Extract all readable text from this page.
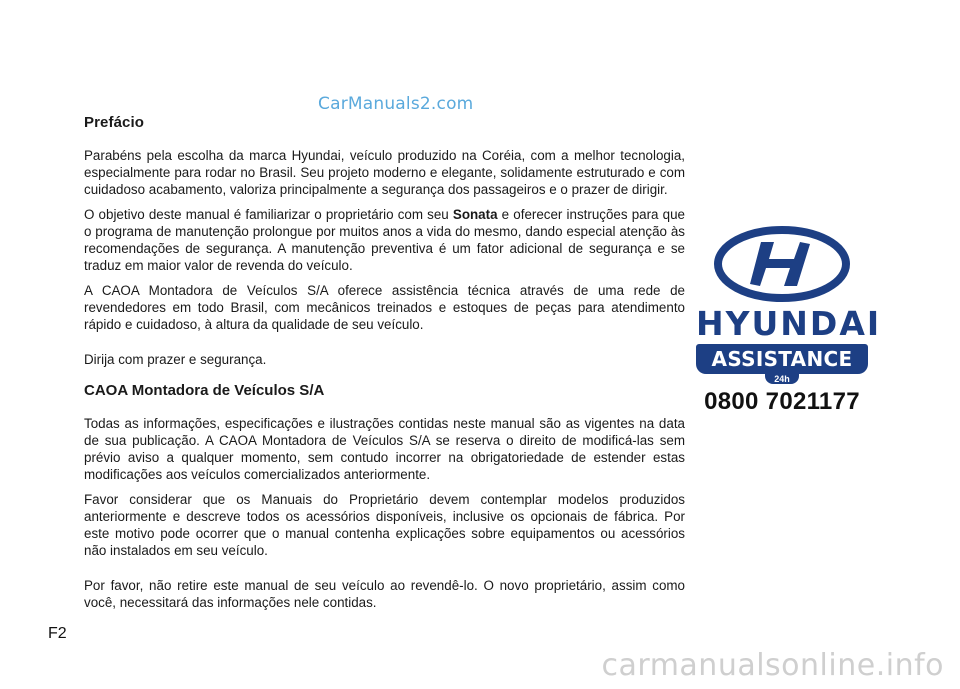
CarManuals2.com
Prefácio

Parabéns pela escolha da marca Hyundai, veículo produzido na Coréia, com a melhor tecnologia, especialmente para rodar no Brasil. Seu projeto moderno e elegante, solidamente estruturado e com cuidadoso acabamento, valoriza principalmente a segurança dos passageiros e o prazer de dirigir.

O objetivo deste manual é familiarizar o proprietário com seu Sonata e oferecer instruções para que o programa de manutenção prolongue por muitos anos a vida do mesmo, dando especial atenção às recomendações de segurança. A manutenção preventiva é um fator adicional de segurança e se traduz em maior valor de revenda do veículo.

A CAOA Montadora de Veículos S/A oferece assistência técnica através de uma rede de revendedores em todo Brasil, com mecânicos treinados e estoques de peças para atendimento rápido e cuidadoso, à altura da qualidade de seu veículo.

Dirija com prazer e segurança.

CAOA Montadora de Veículos S/A

Todas as informações, especificações e ilustrações contidas neste manual são as vigentes na data de sua publicação. A CAOA Montadora de Veículos S/A se reserva o direito de modificá-las sem prévio aviso a qualquer momento, sem contudo incorrer na obrigatoriedade de estender estas modificações aos veículos comercializados anteriormente.

Favor considerar que os Manuais do Proprietário devem contemplar modelos produzidos anteriormente e descreve todos os acessórios disponíveis, inclusive os opcionais de fábrica. Por este motivo pode ocorrer que o manual contenha explicações sobre equipamentos ou acessórios não instalados em seu veículo.

Por favor, não retire este manual de seu veículo ao revendê-lo. O novo proprietário, assim como você, necessitará das informações nele contidas.

HYUNDAI
ASSISTANCE
24h
0800 7021177
F2
carmanualsonline.info
